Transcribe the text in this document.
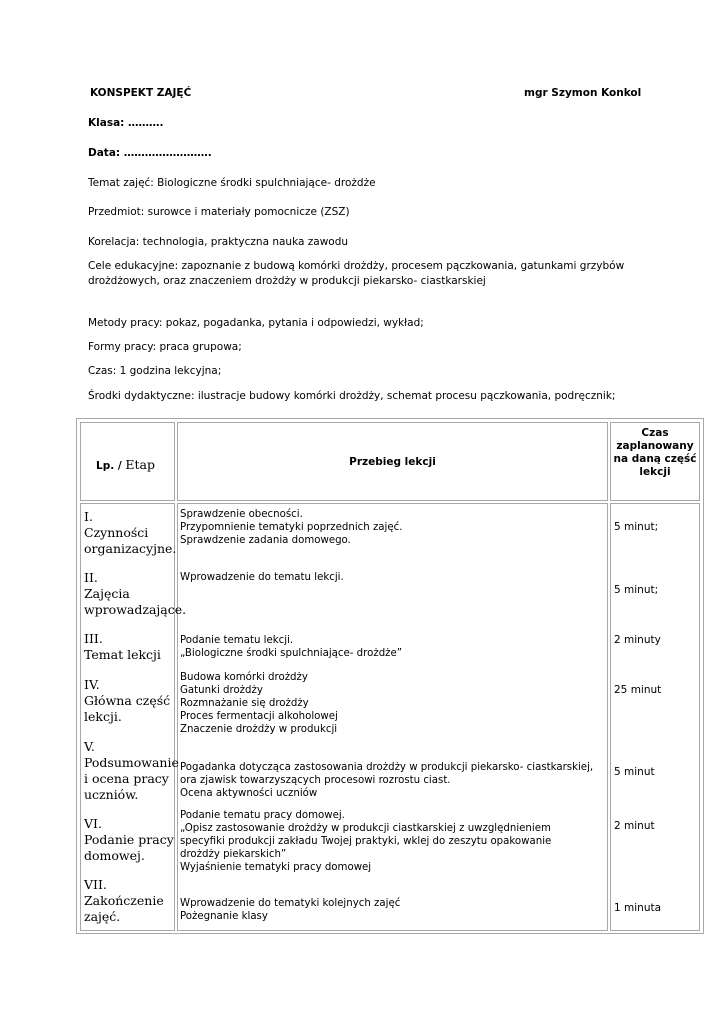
KONSPEKT ZAJĘĆ	mgr Szymon Konkol
Klasa: ……….
Data: …………………….
Temat zajęć: Biologiczne środki spulchniające- drożdże
Przedmiot: surowce i materiały pomocnicze (ZSZ)
Korelacja: technologia, praktyczna nauka zawodu
Cele edukacyjne: zapoznanie z budową komórki drożdży, procesem pączkowania, gatunkami grzybów
drożdżowych, oraz znaczeniem drożdży w produkcji piekarsko- ciastkarskiej
Metody pracy: pokaz, pogadanka, pytania i odpowiedzi, wykład;
Formy pracy: praca grupowa;
Czas: 1 godzina lekcyjna;
Środki dydaktyczne: ilustracje budowy komórki drożdży, schemat procesu pączkowania, podręcznik;
Lp. / Etap	Przebieg lekcji
Czas
zaplanowany
na daną część
lekcji
I.
Czynności
organizacyjne.
II.
Zajęcia
wprowadzające.
III.
Temat lekcji
IV.
Główna część
lekcji.
V.
Podsumowanie
i ocena pracy
uczniów.
VI.
Podanie pracy
domowej.
VII.
Zakończenie
zajęć.
Sprawdzenie obecności.
Przypomnienie tematyki poprzednich zajęć.
Sprawdzenie zadania domowego.
Wprowadzenie do tematu lekcji.
Podanie tematu lekcji.
„Biologiczne środki spulchniające- drożdże”
Budowa komórki drożdży
Gatunki drożdży
Rozmnażanie się drożdży
Proces fermentacji alkoholowej
Znaczenie drożdży w produkcji
Pogadanka dotycząca zastosowania drożdży w produkcji piekarsko- ciastkarskiej,
ora zjawisk towarzyszących procesowi rozrostu ciast.
Ocena aktywności uczniów
Podanie tematu pracy domowej.
„Opisz zastosowanie drożdży w produkcji ciastkarskiej z uwzględnieniem
specyfiki produkcji zakładu Twojej praktyki, wklej do zeszytu opakowanie
drożdży piekarskich”
Wyjaśnienie tematyki pracy domowej
Wprowadzenie do tematyki kolejnych zajęć
Pożegnanie klasy
5 minut;
5 minut;
2 minuty
25 minut
5 minut
2 minut
1 minuta
